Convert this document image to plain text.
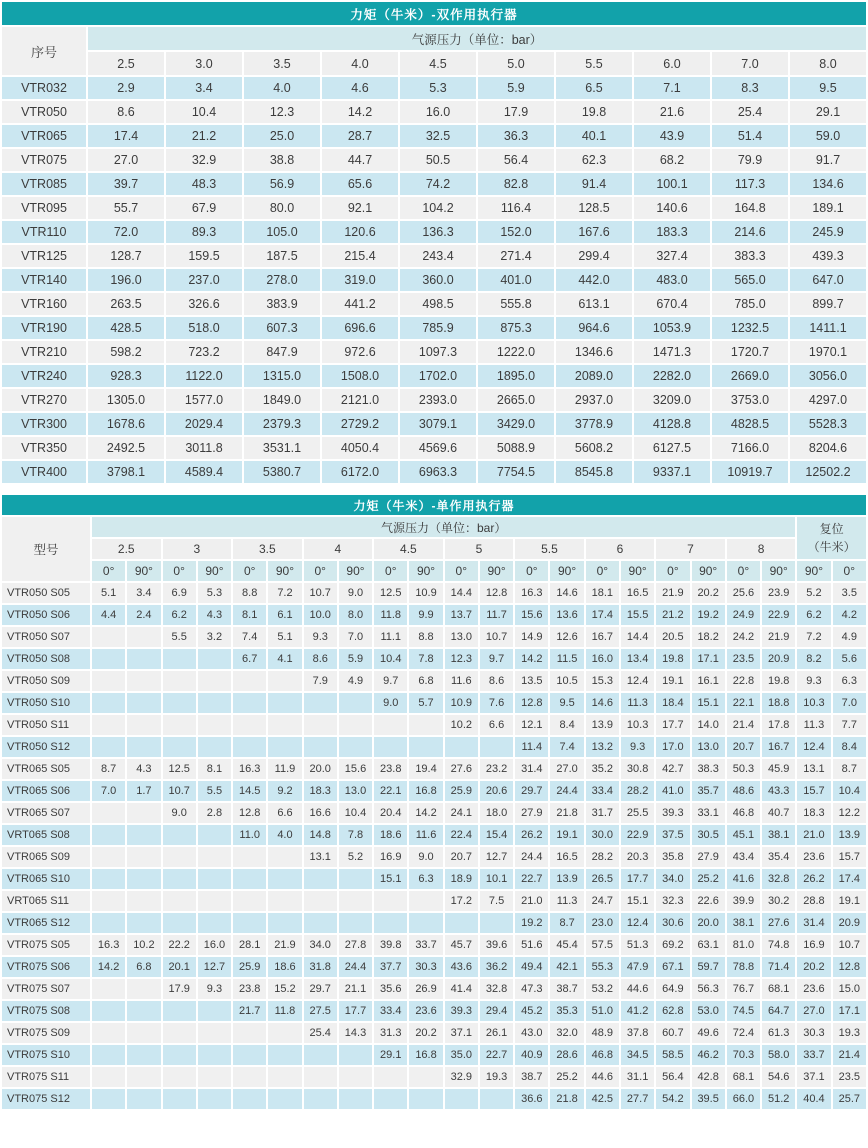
力矩（牛米）-双作用执行器										
序号	气源压力（单位：bar）									
	2.5	3.0	3.5	4.0	4.5	5.0	5.5	6.0	7.0	8.0
VTR032	2.9	3.4	4.0	4.6	5.3	5.9	6.5	7.1	8.3	9.5
VTR050	8.6	10.4	12.3	14.2	16.0	17.9	19.8	21.6	25.4	29.1
VTR065	17.4	21.2	25.0	28.7	32.5	36.3	40.1	43.9	51.4	59.0
VTR075	27.0	32.9	38.8	44.7	50.5	56.4	62.3	68.2	79.9	91.7
VTR085	39.7	48.3	56.9	65.6	74.2	82.8	91.4	100.1	117.3	134.6
VTR095	55.7	67.9	80.0	92.1	104.2	116.4	128.5	140.6	164.8	189.1
VTR110	72.0	89.3	105.0	120.6	136.3	152.0	167.6	183.3	214.6	245.9
VTR125	128.7	159.5	187.5	215.4	243.4	271.4	299.4	327.4	383.3	439.3
VTR140	196.0	237.0	278.0	319.0	360.0	401.0	442.0	483.0	565.0	647.0
VTR160	263.5	326.6	383.9	441.2	498.5	555.8	613.1	670.4	785.0	899.7
VTR190	428.5	518.0	607.3	696.6	785.9	875.3	964.6	1053.9	1232.5	1411.1
VTR210	598.2	723.2	847.9	972.6	1097.3	1222.0	1346.6	1471.3	1720.7	1970.1
VTR240	928.3	1122.0	1315.0	1508.0	1702.0	1895.0	2089.0	2282.0	2669.0	3056.0
VTR270	1305.0	1577.0	1849.0	2121.0	2393.0	2665.0	2937.0	3209.0	3753.0	4297.0
VTR300	1678.6	2029.4	2379.3	2729.2	3079.1	3429.0	3778.9	4128.8	4828.5	5528.3
VTR350	2492.5	3011.8	3531.1	4050.4	4569.6	5088.9	5608.2	6127.5	7166.0	8204.6
VTR400	3798.1	4589.4	5380.7	6172.0	6963.3	7754.5	8545.8	9337.1	10919.7	12502.2
力矩（牛米）-单作用执行器																						
型号	气源压力（单位：bar）																				复位
（牛米）	

	2.5		3		3.5		4		4.5		5		5.5		6		7		8			
	0°	90°	0°	90°	0°	90°	0°	90°	0°	90°	0°	90°	0°	90°	0°	90°	0°	90°	0°	90°	90°	0°
VTR050 S05	5.1	3.4	6.9	5.3	8.8	7.2	10.7	9.0	12.5	10.9	14.4	12.8	16.3	14.6	18.1	16.5	21.9	20.2	25.6	23.9	5.2	3.5
VTR050 S06	4.4	2.4	6.2	4.3	8.1	6.1	10.0	8.0	11.8	9.9	13.7	11.7	15.6	13.6	17.4	15.5	21.2	19.2	24.9	22.9	6.2	4.2
VTR050 S07			5.5	3.2	7.4	5.1	9.3	7.0	11.1	8.8	13.0	10.7	14.9	12.6	16.7	14.4	20.5	18.2	24.2	21.9	7.2	4.9
VTR050 S08					6.7	4.1	8.6	5.9	10.4	7.8	12.3	9.7	14.2	11.5	16.0	13.4	19.8	17.1	23.5	20.9	8.2	5.6
VTR050 S09							7.9	4.9	9.7	6.8	11.6	8.6	13.5	10.5	15.3	12.4	19.1	16.1	22.8	19.8	9.3	6.3
VTR050 S10									9.0	5.7	10.9	7.6	12.8	9.5	14.6	11.3	18.4	15.1	22.1	18.8	10.3	7.0
VTR050 S11											10.2	6.6	12.1	8.4	13.9	10.3	17.7	14.0	21.4	17.8	11.3	7.7
VTR050 S12													11.4	7.4	13.2	9.3	17.0	13.0	20.7	16.7	12.4	8.4
VTR065 S05	8.7	4.3	12.5	8.1	16.3	11.9	20.0	15.6	23.8	19.4	27.6	23.2	31.4	27.0	35.2	30.8	42.7	38.3	50.3	45.9	13.1	8.7
VTR065 S06	7.0	1.7	10.7	5.5	14.5	9.2	18.3	13.0	22.1	16.8	25.9	20.6	29.7	24.4	33.4	28.2	41.0	35.7	48.6	43.3	15.7	10.4
VTR065 S07			9.0	2.8	12.8	6.6	16.6	10.4	20.4	14.2	24.1	18.0	27.9	21.8	31.7	25.5	39.3	33.1	46.8	40.7	18.3	12.2
VRT065 S08					11.0	4.0	14.8	7.8	18.6	11.6	22.4	15.4	26.2	19.1	30.0	22.9	37.5	30.5	45.1	38.1	21.0	13.9
VTR065 S09							13.1	5.2	16.9	9.0	20.7	12.7	24.4	16.5	28.2	20.3	35.8	27.9	43.4	35.4	23.6	15.7
VTR065 S10									15.1	6.3	18.9	10.1	22.7	13.9	26.5	17.7	34.0	25.2	41.6	32.8	26.2	17.4
VRT065 S11											17.2	7.5	21.0	11.3	24.7	15.1	32.3	22.6	39.9	30.2	28.8	19.1
VTR065 S12													19.2	8.7	23.0	12.4	30.6	20.0	38.1	27.6	31.4	20.9
VTR075 S05	16.3	10.2	22.2	16.0	28.1	21.9	34.0	27.8	39.8	33.7	45.7	39.6	51.6	45.4	57.5	51.3	69.2	63.1	81.0	74.8	16.9	10.7
VTR075 S06	14.2	6.8	20.1	12.7	25.9	18.6	31.8	24.4	37.7	30.3	43.6	36.2	49.4	42.1	55.3	47.9	67.1	59.7	78.8	71.4	20.2	12.8
VTR075 S07			17.9	9.3	23.8	15.2	29.7	21.1	35.6	26.9	41.4	32.8	47.3	38.7	53.2	44.6	64.9	56.3	76.7	68.1	23.6	15.0
VTR075 S08					21.7	11.8	27.5	17.7	33.4	23.6	39.3	29.4	45.2	35.3	51.0	41.2	62.8	53.0	74.5	64.7	27.0	17.1
VTR075 S09							25.4	14.3	31.3	20.2	37.1	26.1	43.0	32.0	48.9	37.8	60.7	49.6	72.4	61.3	30.3	19.3
VTR075 S10									29.1	16.8	35.0	22.7	40.9	28.6	46.8	34.5	58.5	46.2	70.3	58.0	33.7	21.4
VTR075 S11											32.9	19.3	38.7	25.2	44.6	31.1	56.4	42.8	68.1	54.6	37.1	23.5
VTR075 S12													36.6	21.8	42.5	27.7	54.2	39.5	66.0	51.2	40.4	25.7
